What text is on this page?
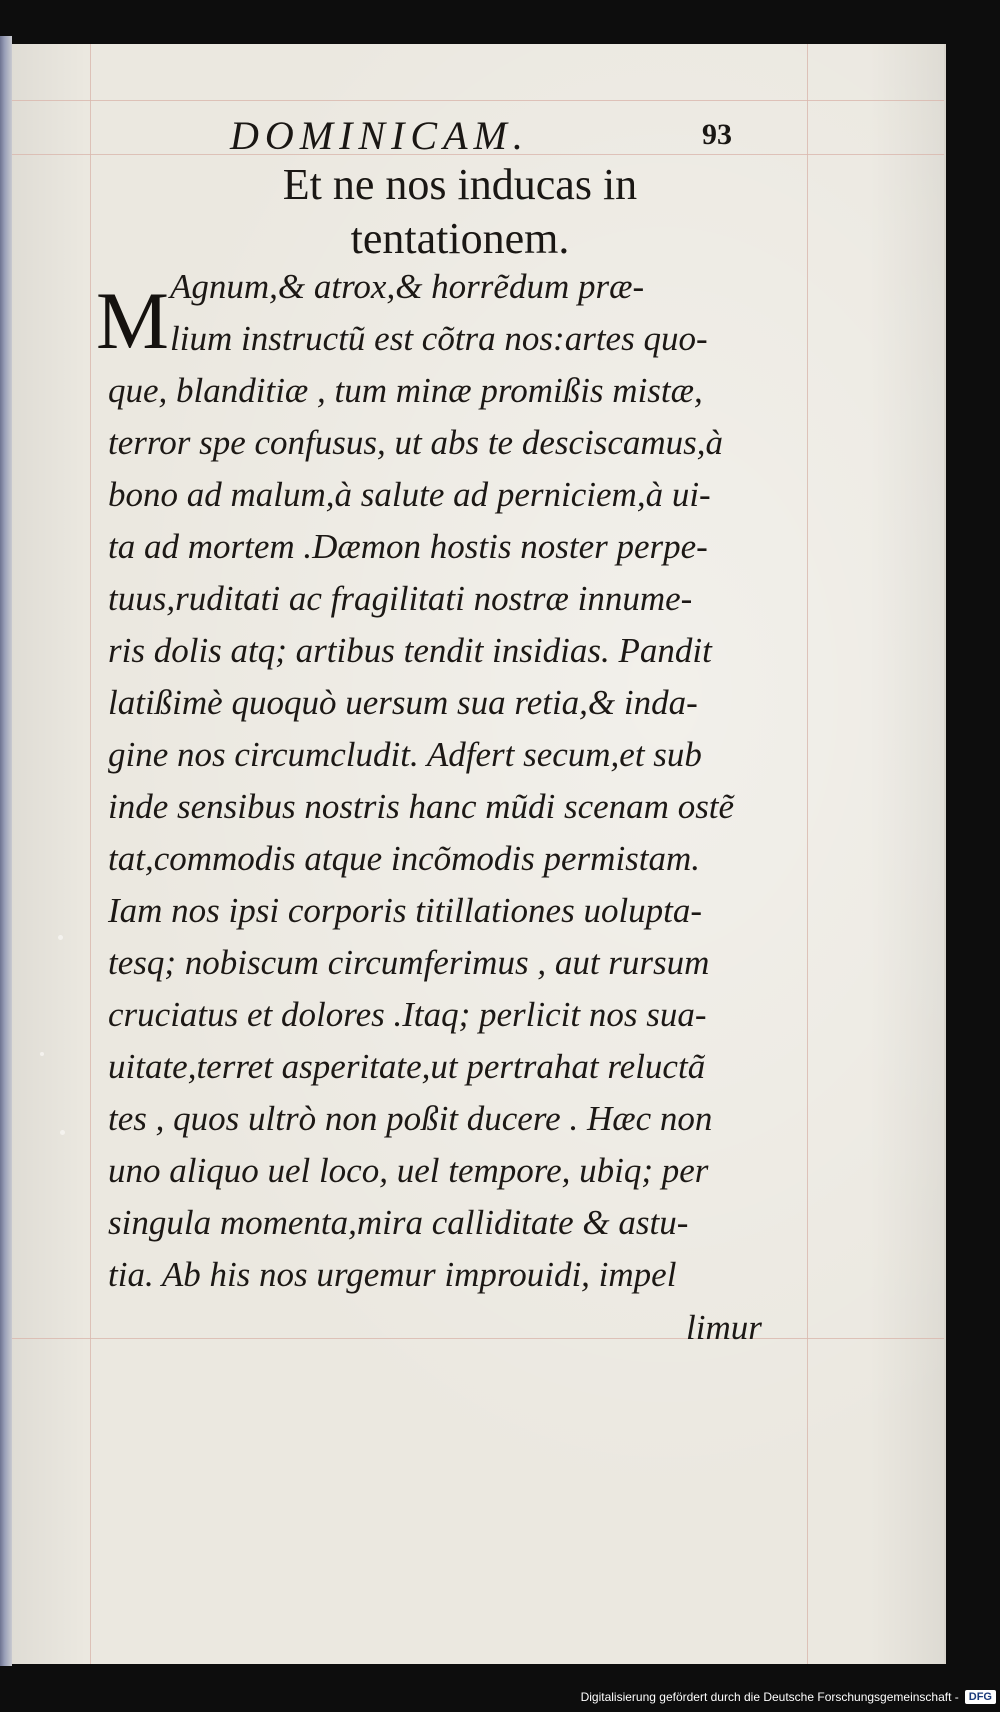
DOMINICAM.	93
Et ne nos inducas in
tentationem.
M Agnum,& atrox,& horrẽdum præ-
lium instructũ est cõtra nos:artes quo-
que, blanditiæ , tum minæ promißis mistæ,
terror spe confusus, ut abs te desciscamus,à
bono ad malum,à salute ad perniciem,à ui-
ta ad mortem .Dæmon hostis noster perpe-
tuus,ruditati ac fragilitati nostræ innume-
ris dolis atq; artibus tendit insidias. Pandit
latißimè quoquò uersum sua retia,& inda-
gine nos circumcludit. Adfert secum,et sub
inde sensibus nostris hanc mũdi scenam ostẽ
tat,commodis atque incõmodis permistam.
Iam nos ipsi corporis titillationes uolupta-
tesq; nobiscum circumferimus , aut rursum
cruciatus et dolores .Itaq; perlicit nos sua-
uitate,terret asperitate,ut pertrahat reluctã
tes , quos ultrò non poßit ducere . Hæc non
uno aliquo uel loco, uel tempore, ubiq; per
singula momenta,mira calliditate & astu-
tia. Ab his nos urgemur improuidi, impel
limur
Digitalisierung gefördert durch die Deutsche Forschungsgemeinschaft - DFG
